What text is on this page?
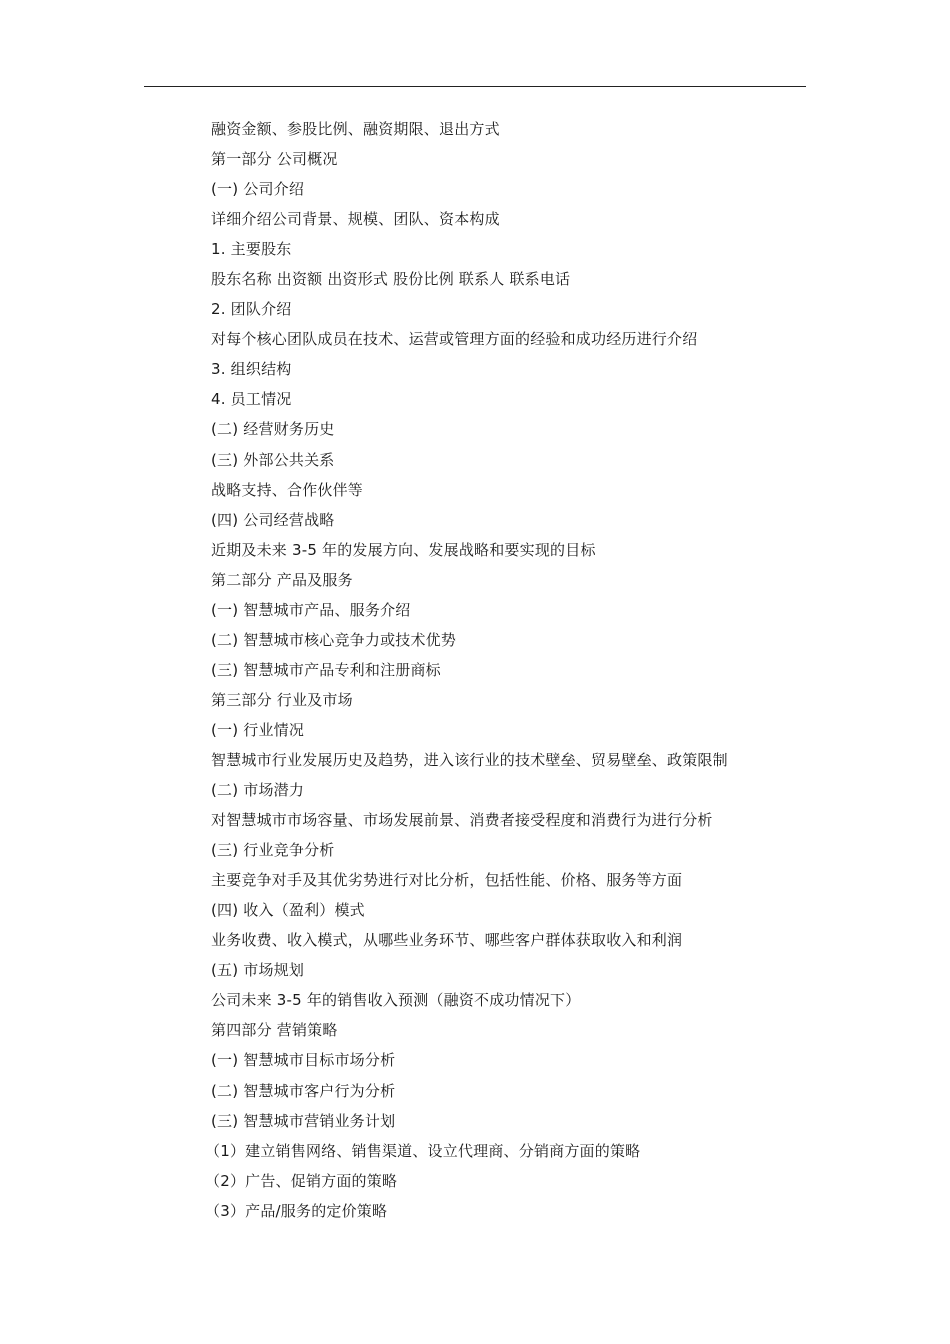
融资金额、参股比例、融资期限、退出方式
第一部分 公司概况
(一) 公司介绍
详细介绍公司背景、规模、团队、资本构成
1. 主要股东
股东名称 出资额 出资形式 股份比例 联系人 联系电话
2. 团队介绍
对每个核心团队成员在技术、运营或管理方面的经验和成功经历进行介绍
3. 组织结构
4. 员工情况
(二) 经营财务历史
(三) 外部公共关系
战略支持、合作伙伴等
(四) 公司经营战略
近期及未来 3-5 年的发展方向、发展战略和要实现的目标
第二部分 产品及服务
(一) 智慧城市产品、服务介绍
(二) 智慧城市核心竞争力或技术优势
(三) 智慧城市产品专利和注册商标
第三部分 行业及市场
(一) 行业情况
智慧城市行业发展历史及趋势，进入该行业的技术壁垒、贸易壁垒、政策限制
(二) 市场潜力
对智慧城市市场容量、市场发展前景、消费者接受程度和消费行为进行分析
(三) 行业竞争分析
主要竞争对手及其优劣势进行对比分析，包括性能、价格、服务等方面
(四) 收入（盈利）模式
业务收费、收入模式，从哪些业务环节、哪些客户群体获取收入和利润
(五) 市场规划
公司未来 3-5 年的销售收入预测（融资不成功情况下）
第四部分 营销策略
(一) 智慧城市目标市场分析
(二) 智慧城市客户行为分析
(三) 智慧城市营销业务计划
（1）建立销售网络、销售渠道、设立代理商、分销商方面的策略
（2）广告、促销方面的策略
（3）产品/服务的定价策略
